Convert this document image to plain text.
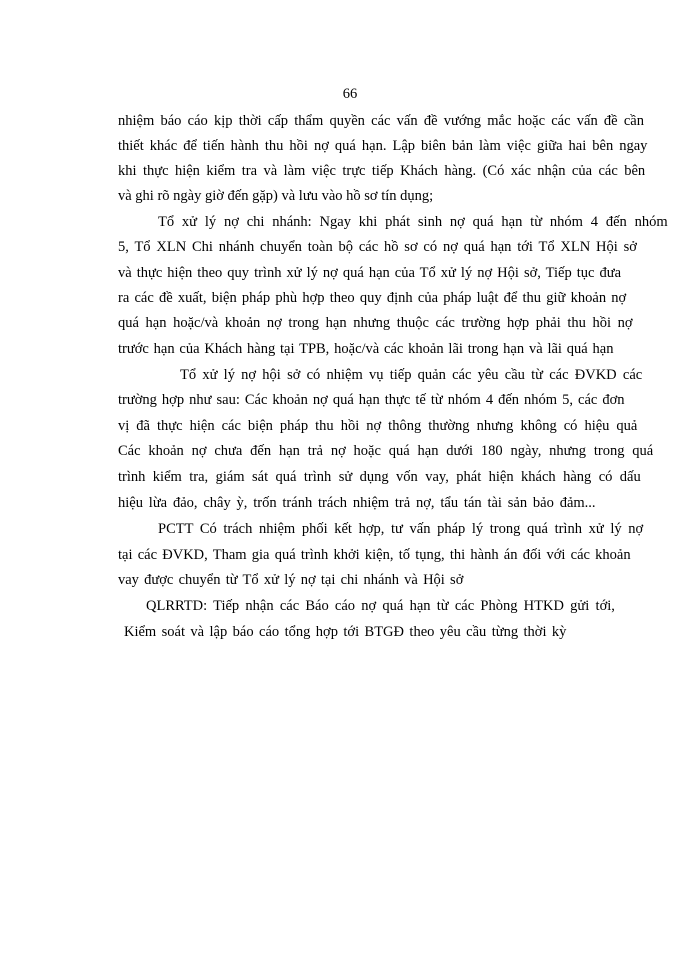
66
nhiệm báo cáo kịp thời cấp thẩm quyền các vấn đề vướng mắc hoặc các vấn đề cần
thiết khác để tiến hành thu hồi nợ quá hạn. Lập biên bản làm việc giữa hai bên ngay
khi thực hiện kiểm tra và làm việc trực tiếp Khách hàng. (Có xác nhận của các bên
và ghi rõ ngày giờ đến gặp) và lưu vào hồ sơ tín dụng;
Tổ xử lý nợ chi nhánh: Ngay khi phát sinh nợ quá hạn từ nhóm 4 đến nhóm
5, Tổ XLN Chi nhánh chuyển toàn bộ các hồ sơ có nợ quá hạn tới Tổ XLN Hội sở
và thực hiện theo quy trình xử lý nợ quá hạn của Tổ xử lý nợ Hội sở, Tiếp tục đưa
ra các đề xuất, biện pháp phù hợp theo quy định của pháp luật để thu giữ khoản nợ
quá hạn hoặc/và khoản nợ trong hạn nhưng thuộc các trường hợp phải thu hồi nợ
trước hạn của Khách hàng tại TPB, hoặc/và các khoản lãi trong hạn và lãi quá hạn
Tổ xử lý nợ hội sở có nhiệm vụ tiếp quản các yêu cầu từ các ĐVKD các
trường hợp như sau: Các khoản nợ quá hạn thực tế từ nhóm 4 đến nhóm 5, các đơn
vị đã thực hiện các biện pháp thu hồi nợ thông thường nhưng không có hiệu quả
Các khoản nợ chưa đến hạn trả nợ hoặc quá hạn dưới 180 ngày, nhưng trong quá
trình kiểm tra, giám sát quá trình sử dụng vốn vay, phát hiện khách hàng có dấu
hiệu lừa đảo, chây ỳ, trốn tránh trách nhiệm trả nợ, tẩu tán tài sản bảo đảm...
PCTT Có trách nhiệm phối kết hợp, tư vấn pháp lý trong quá trình xử lý nợ
tại các ĐVKD, Tham gia quá trình khởi kiện, tố tụng, thi hành án đối với các khoản
vay được chuyển từ Tổ xử lý nợ tại chi nhánh và Hội sở
QLRRTD: Tiếp nhận các Báo cáo nợ quá hạn từ các Phòng HTKD gửi tới,
Kiểm soát và lập báo cáo tổng hợp tới BTGĐ theo yêu cầu từng thời kỳ
